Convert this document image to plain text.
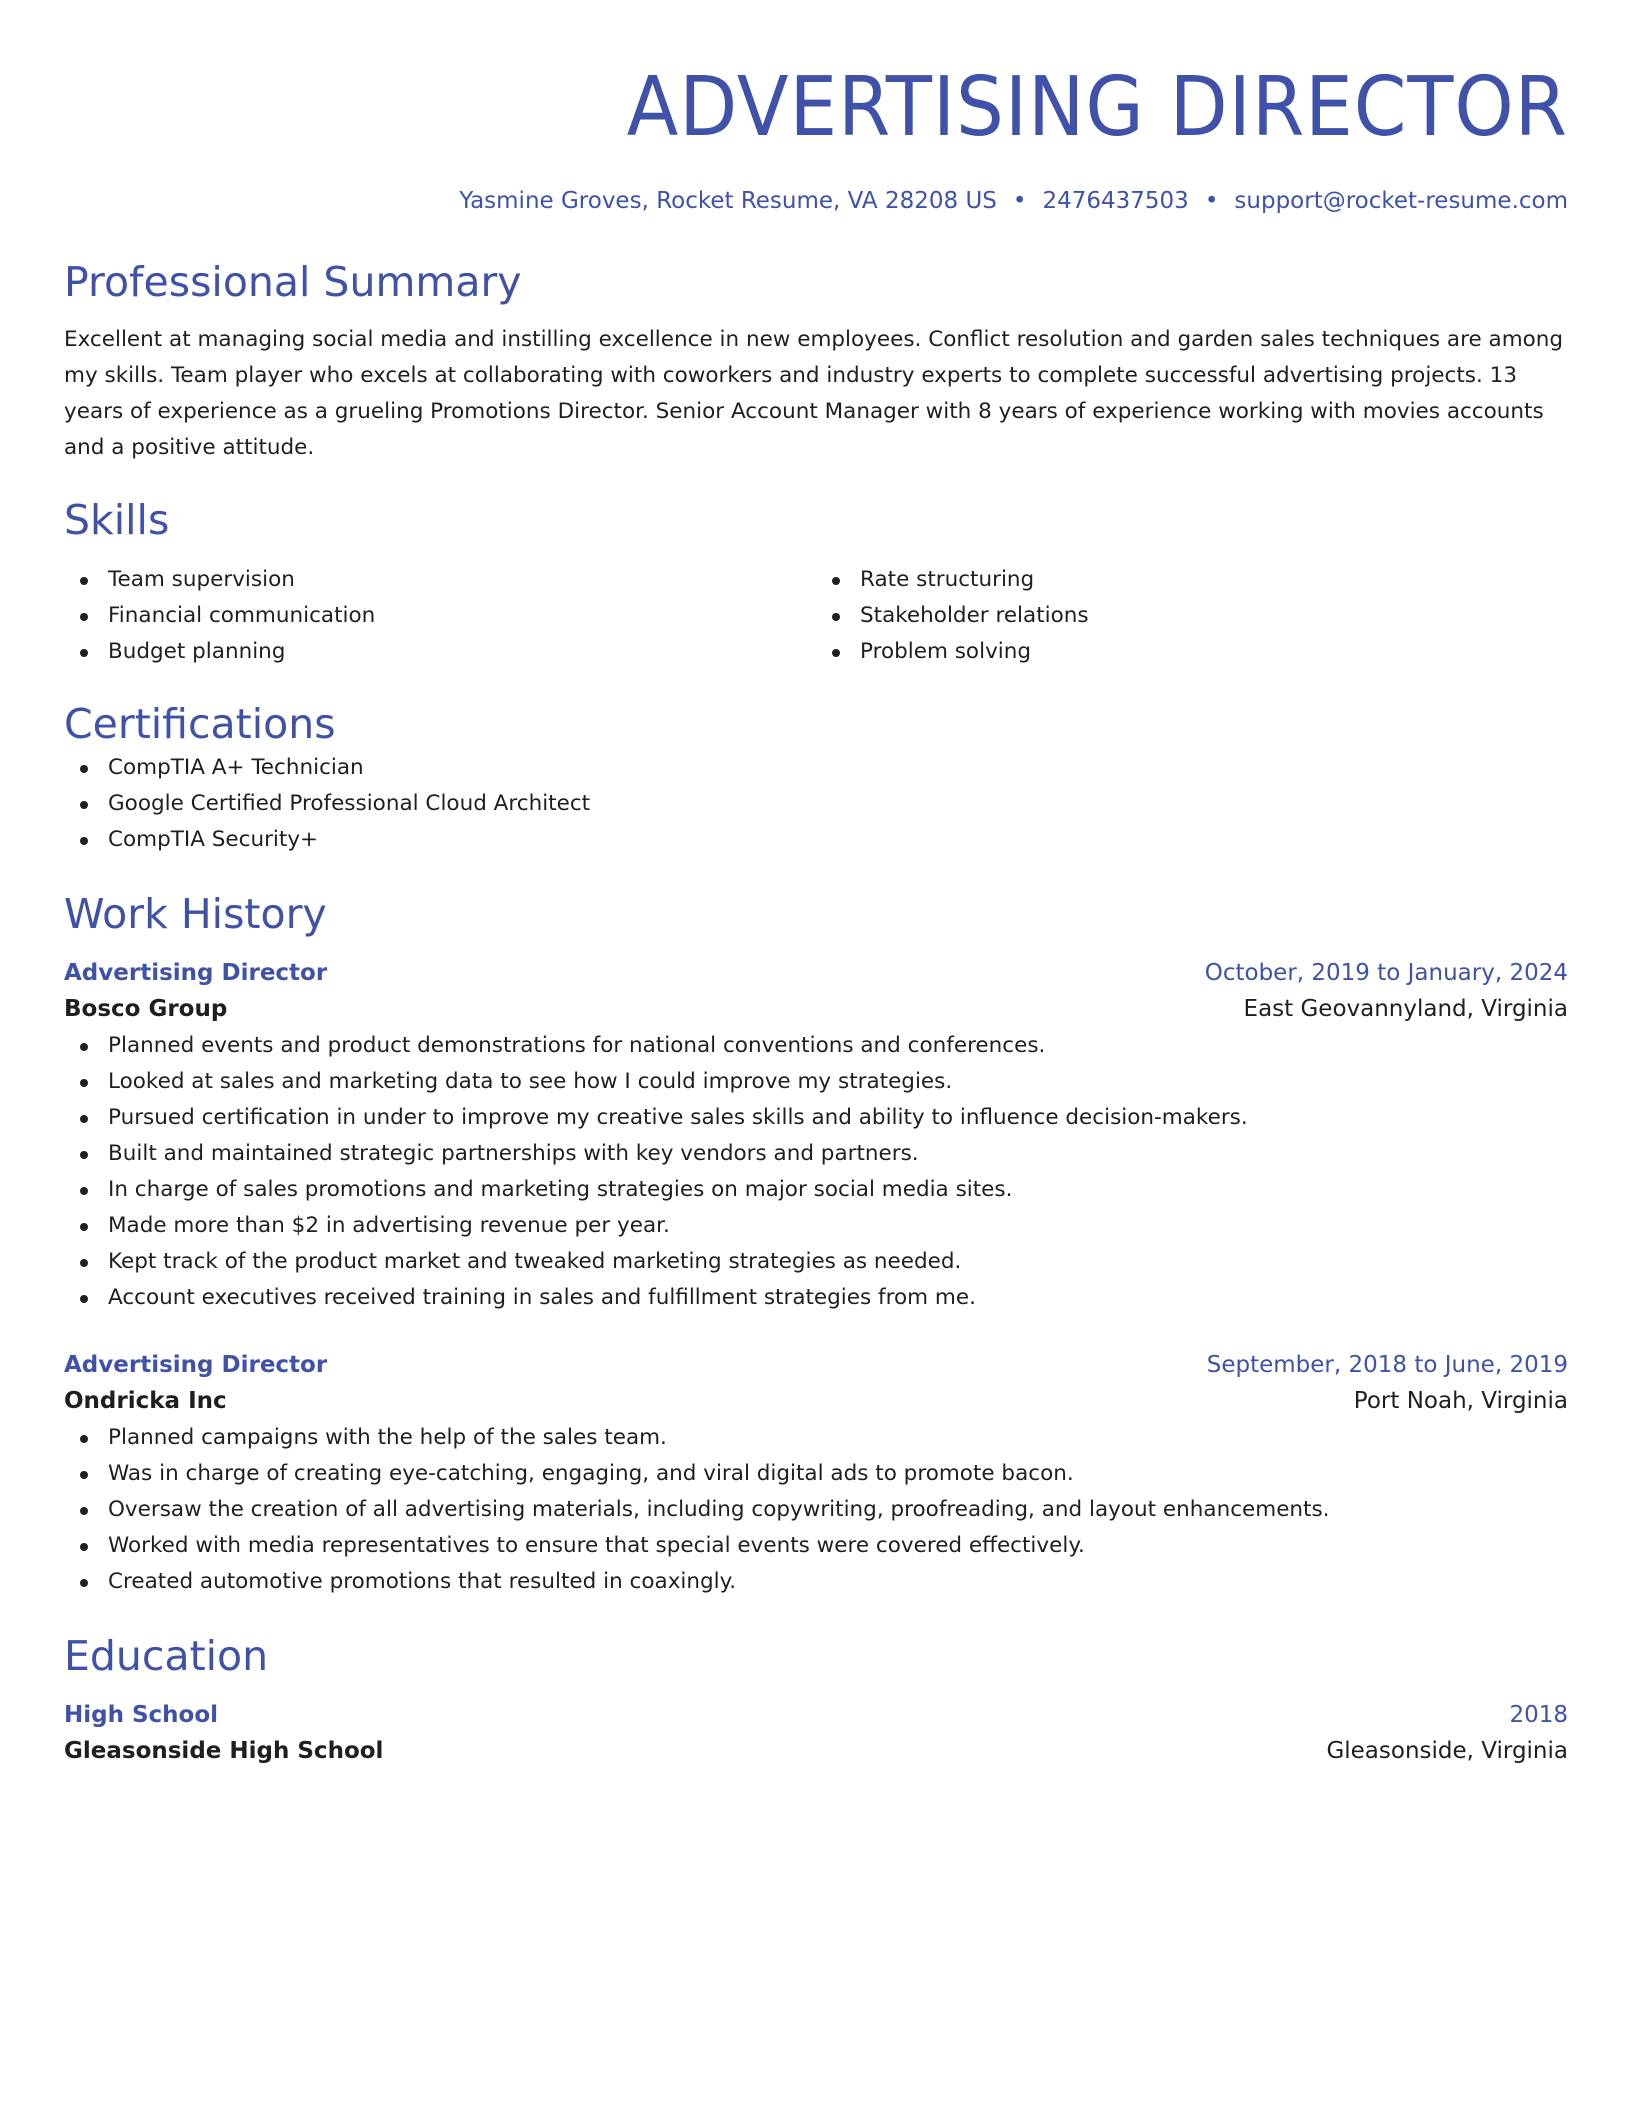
ADVERTISING DIRECTOR
Yasmine Groves, Rocket Resume, VA 28208 US • 2476437503 • support@rocket-resume.com
Professional Summary
Excellent at managing social media and instilling excellence in new employees. Conflict resolution and garden sales techniques are among my skills. Team player who excels at collaborating with coworkers and industry experts to complete successful advertising projects. 13 years of experience as a grueling Promotions Director. Senior Account Manager with 8 years of experience working with movies accounts and a positive attitude.
Skills
Team supervision
Financial communication
Budget planning
Rate structuring
Stakeholder relations
Problem solving
Certifications
CompTIA A+ Technician
Google Certified Professional Cloud Architect
CompTIA Security+
Work History
Advertising Director	October, 2019 to January, 2024
Bosco Group	East Geovannyland, Virginia
Planned events and product demonstrations for national conventions and conferences.
Looked at sales and marketing data to see how I could improve my strategies.
Pursued certification in under to improve my creative sales skills and ability to influence decision-makers.
Built and maintained strategic partnerships with key vendors and partners.
In charge of sales promotions and marketing strategies on major social media sites.
Made more than $2 in advertising revenue per year.
Kept track of the product market and tweaked marketing strategies as needed.
Account executives received training in sales and fulfillment strategies from me.
Advertising Director	September, 2018 to June, 2019
Ondricka Inc	Port Noah, Virginia
Planned campaigns with the help of the sales team.
Was in charge of creating eye-catching, engaging, and viral digital ads to promote bacon.
Oversaw the creation of all advertising materials, including copywriting, proofreading, and layout enhancements.
Worked with media representatives to ensure that special events were covered effectively.
Created automotive promotions that resulted in coaxingly.
Education
High School	2018
Gleasonside High School	Gleasonside, Virginia
